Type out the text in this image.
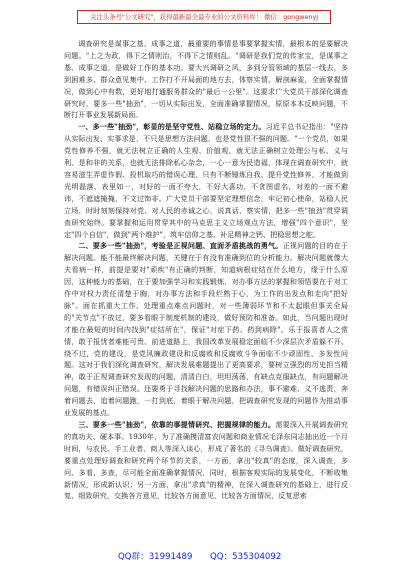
关注头条号"公文研究"，获得最新最全最专业的公文资料库！ 微信：gongwenyj

调查研究是谋事之基、成事之道，最重要的事情是事要掌握实情，最根本的是要解决问题。"上之为政，得下之情则治，不得下之情则乱。"调研是我们党的传家宝，是谋事之基、成事之道，是做好工作的基本功。要大兴调研之风，多到分管领域的基层一线去，多到困难多、群众意见集中、工作打不开局面的地方去，体察实情、解剖麻雀，全面掌握情况，做到心中有数，更好地打通服务群众的"最后一公里"。这要求广大党员干部深化调查研究时，要多一些"抽劲"，一切从实际出发，全面准确掌握情况，原原本本反映问题，不断打开事业发展新局面。

一、多一些"抽劲"，彰显的是坚守党性、站稳立场的定力。习近平总书记指出："坚持从实际出发、实事求是，不只是思想方法问题，也是党性很不强的问题。"一个党员，如果党性修养不强，就无法树立正确的人生观、价值观，就无法正确树立处理公与私、义与利、是和非的关系，也就无法排除私心杂念，一心一意为民造福，体现在调查研究中，就容易滋生弄虚作假、投机取巧的错误心理，只有不断锤炼自我、提升党性修养，才能做到光明磊落、表里如一，对好的一面不夸大，不好大喜功，不贪图虚名，对差的一面不避讳，不遮遮掩掩，不文过饰非。广大党员干部要坚定理想信念，牢记初心使命，站稳人民立场，时时刻刻保持对党、对人民的赤诚之心，说真话、察实情，把多一些"抽劲"贯穿调查研究始终。要掌握和运用贯穿其中的马克思主义立场观点方法，增强"四个意识"，坚定"四个自信"，做到"两个维护"，筑牢信仰之基、补足精神之钙、把稳思想之舵。

二、要多一些"抽劲"，考验是正视问题、直面矛盾挑战的勇气。正视问题的目的在于解决问题。能不能最终解决问题，关键在于有没有准确到位的分析能力。解决问题就像大夫看病一样，前提是要对"顽疾"有正确的判断，知道病根症结在什么地方，缘于什么原因，这种能力的基础，在于要加强学习和实践锻炼，对办事方法的掌握和领悟要在于对工作中对权力责任清楚于胸，对办事方法和手段烂熟于心，为工作的出发点和走向"把好脉"。面在抓重大工作、处理重点难点问题时，对一些薄弱环节和不太起眼但事关全局的"关节点"不放过，要多看眼于制度机制的建设，做好预防和准备。如此，当问题出现时才能在最短的时间内找到"症结所在"，保证"对症下药、药到病除"。乐于报喜者人之常情，敢于报忧者难能可贵。前进道路上，我国改革发展稳定面临不少深层次矛盾躲不开、绕不过，党的建设，是党风廉政建设和反腐败和反腐败斗争面临不少顽固性、多发性问题。这对于我们深化调查研究，解决发展难题提出了更高要求，要树立强烈的历史担当精神，敢于正视调查研究发现的问题，清清白白，坦坦荡荡，有缺点克服缺点，有问题解决问题，有错误纠正错误。还要勇于寻找解决问题的思路和办法，事不避难、义不逃责，奔着问题去，追着问题跑，一打到底，着眼于解决问题，把调查研究发现的问题作为推动事业发展的基点。

三、要多一些"抽劲"，依靠的事提情研究、把握规律的能力。需要深入开展调查研究的真功夫、硬本事。1930年，为了准确摸清富农问题和商业情况毛泽东同志抽出近一个月时间，与农民、手工业者、商人等深入谈心，形成了著名的《寻乌调查》。做好调查研究，要重点处理好调查和研究两个环节的关系，一方面，拿出"较真"的态度，深入调查，多问、多看、多查，尽可能全面准确掌握情况，同时，根据客观实际的发展变化，不断收集新情况，形成新认识；另一方面，拿出"求真"的精神，在深入调查研究的基础上，进行反复、细致研究，交换各方意见，比较各方面意见，比较各方面情况，反复思索

QQ群：31991489 QQ：535304092
